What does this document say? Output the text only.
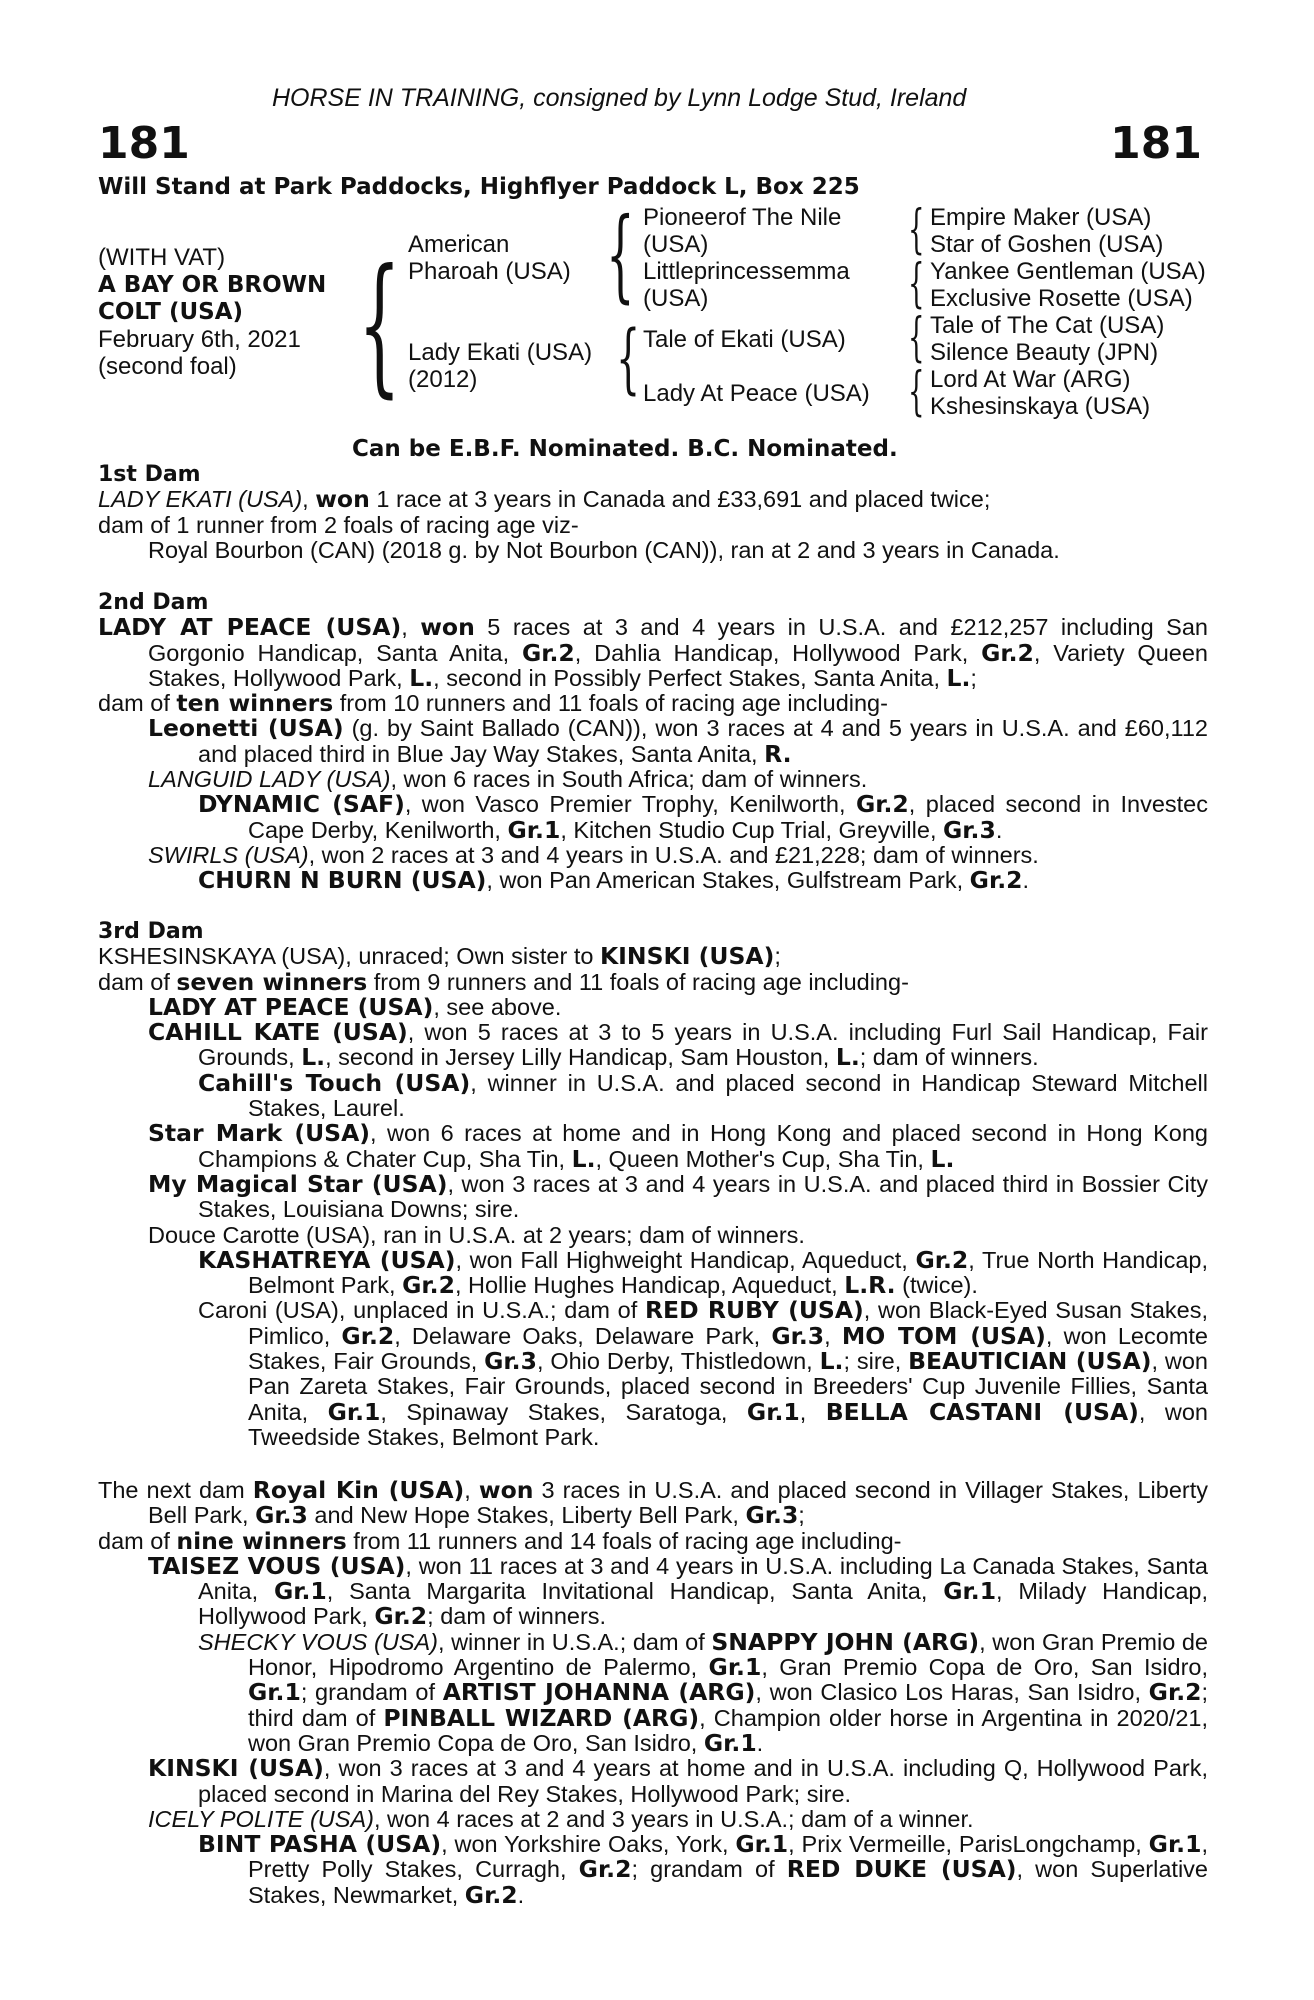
HORSE IN TRAINING, consigned by Lynn Lodge Stud, Ireland
181	181
Will Stand at Park Paddocks, Highflyer Paddock L, Box 225
(WITH VAT)
A BAY OR BROWN
COLT (USA)
February 6th, 2021
(second foal) { American
Pharoah (USA)
Lady Ekati (USA)
(2012)
{
{
Pioneerof The Nile
(USA)
Littleprincessemma
(USA)
Tale of Ekati (USA)
Lady At Peace (USA)
{
{
{
{
Empire Maker (USA)
Star of Goshen (USA)
Yankee Gentleman (USA)
Exclusive Rosette (USA)
Tale of The Cat (USA)
Silence Beauty (JPN)
Lord At War (ARG)
Kshesinskaya (USA)
Can be E.B.F. Nominated. B.C. Nominated.

1st Dam

LADY EKATI (USA), won 1 race at 3 years in Canada and £33,691 and placed twice;

dam of 1 runner from 2 foals of racing age viz-

Royal Bourbon (CAN) (2018 g. by Not Bourbon (CAN)), ran at 2 and 3 years in Canada.

2nd Dam

LADY AT PEACE (USA), won 5 races at 3 and 4 years in U.S.A. and £212,257 including San Gorgonio Handicap, Santa Anita, Gr.2, Dahlia Handicap, Hollywood Park, Gr.2, Variety Queen Stakes, Hollywood Park, L., second in Possibly Perfect Stakes, Santa Anita, L.;

dam of ten winners from 10 runners and 11 foals of racing age including-

Leonetti (USA) (g. by Saint Ballado (CAN)), won 3 races at 4 and 5 years in U.S.A. and £60,112 and placed third in Blue Jay Way Stakes, Santa Anita, R.

LANGUID LADY (USA), won 6 races in South Africa; dam of winners.

DYNAMIC (SAF), won Vasco Premier Trophy, Kenilworth, Gr.2, placed second in Investec Cape Derby, Kenilworth, Gr.1, Kitchen Studio Cup Trial, Greyville, Gr.3.

SWIRLS (USA), won 2 races at 3 and 4 years in U.S.A. and £21,228; dam of winners.

CHURN N BURN (USA), won Pan American Stakes, Gulfstream Park, Gr.2.

3rd Dam

KSHESINSKAYA (USA), unraced; Own sister to KINSKI (USA);

dam of seven winners from 9 runners and 11 foals of racing age including-

LADY AT PEACE (USA), see above.

CAHILL KATE (USA), won 5 races at 3 to 5 years in U.S.A. including Furl Sail Handicap, Fair Grounds, L., second in Jersey Lilly Handicap, Sam Houston, L.; dam of winners.

Cahill's Touch (USA), winner in U.S.A. and placed second in Handicap Steward Mitchell Stakes, Laurel.

Star Mark (USA), won 6 races at home and in Hong Kong and placed second in Hong Kong Champions & Chater Cup, Sha Tin, L., Queen Mother's Cup, Sha Tin, L.

My Magical Star (USA), won 3 races at 3 and 4 years in U.S.A. and placed third in Bossier City Stakes, Louisiana Downs; sire.

Douce Carotte (USA), ran in U.S.A. at 2 years; dam of winners.

KASHATREYA (USA), won Fall Highweight Handicap, Aqueduct, Gr.2, True North Handicap, Belmont Park, Gr.2, Hollie Hughes Handicap, Aqueduct, L.R. (twice).

Caroni (USA), unplaced in U.S.A.; dam of RED RUBY (USA), won Black-Eyed Susan Stakes, Pimlico, Gr.2, Delaware Oaks, Delaware Park, Gr.3, MO TOM (USA), won Lecomte Stakes, Fair Grounds, Gr.3, Ohio Derby, Thistledown, L.; sire, BEAUTICIAN (USA), won Pan Zareta Stakes, Fair Grounds, placed second in Breeders' Cup Juvenile Fillies, Santa Anita, Gr.1, Spinaway Stakes, Saratoga, Gr.1, BELLA CASTANI (USA), won Tweedside Stakes, Belmont Park.

The next dam Royal Kin (USA), won 3 races in U.S.A. and placed second in Villager Stakes, Liberty Bell Park, Gr.3 and New Hope Stakes, Liberty Bell Park, Gr.3;

dam of nine winners from 11 runners and 14 foals of racing age including-

TAISEZ VOUS (USA), won 11 races at 3 and 4 years in U.S.A. including La Canada Stakes, Santa Anita, Gr.1, Santa Margarita Invitational Handicap, Santa Anita, Gr.1, Milady Handicap, Hollywood Park, Gr.2; dam of winners.

SHECKY VOUS (USA), winner in U.S.A.; dam of SNAPPY JOHN (ARG), won Gran Premio de Honor, Hipodromo Argentino de Palermo, Gr.1, Gran Premio Copa de Oro, San Isidro, Gr.1; grandam of ARTIST JOHANNA (ARG), won Clasico Los Haras, San Isidro, Gr.2; third dam of PINBALL WIZARD (ARG), Champion older horse in Argentina in 2020/21, won Gran Premio Copa de Oro, San Isidro, Gr.1.

KINSKI (USA), won 3 races at 3 and 4 years at home and in U.S.A. including Q, Hollywood Park, placed second in Marina del Rey Stakes, Hollywood Park; sire.

ICELY POLITE (USA), won 4 races at 2 and 3 years in U.S.A.; dam of a winner.

BINT PASHA (USA), won Yorkshire Oaks, York, Gr.1, Prix Vermeille, ParisLongchamp, Gr.1, Pretty Polly Stakes, Curragh, Gr.2; grandam of RED DUKE (USA), won Superlative Stakes, Newmarket, Gr.2.
